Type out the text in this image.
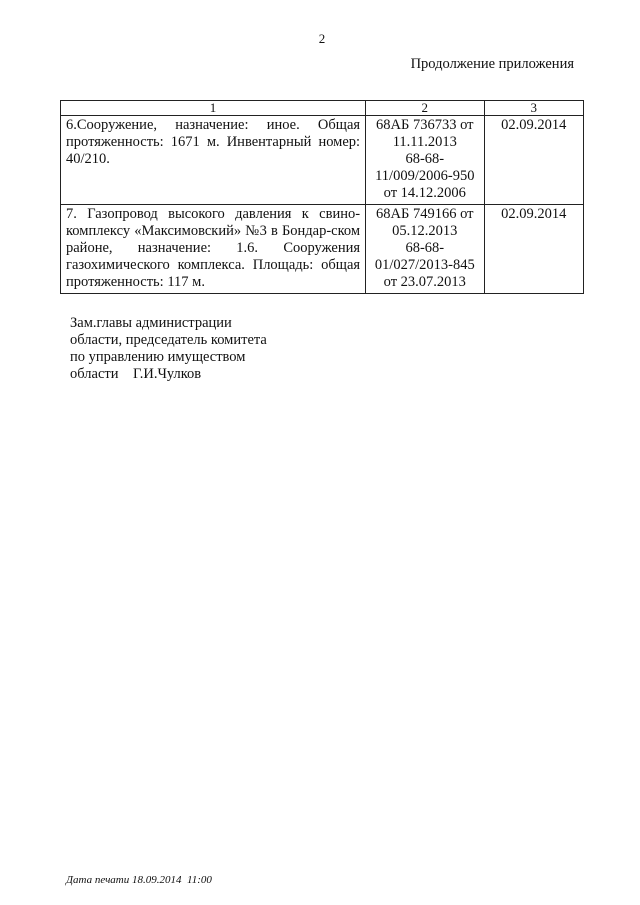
2
Продолжение приложения
1	2	3
6.Сооружение, назначение: иное. Общая протяженность: 1671 м. Инвентарный номер: 40/210.	68АБ 736733 от
11.11.2013
68-68-
11/009/2006-950
от 14.12.2006	02.09.2014
7. Газопровод высокого давления к свино-комплексу «Максимовский» №3 в Бондар-ском районе, назначение: 1.6. Сооружения газохимического комплекса. Площадь: общая протяженность: 117 м.	68АБ 749166 от
05.12.2013
68-68-
01/027/2013-845
от 23.07.2013	02.09.2014
Зам.главы администрации
области, председатель комитета
по управлению имуществом
области    Г.И.Чулков
Дата печати 18.09.2014  11:00
